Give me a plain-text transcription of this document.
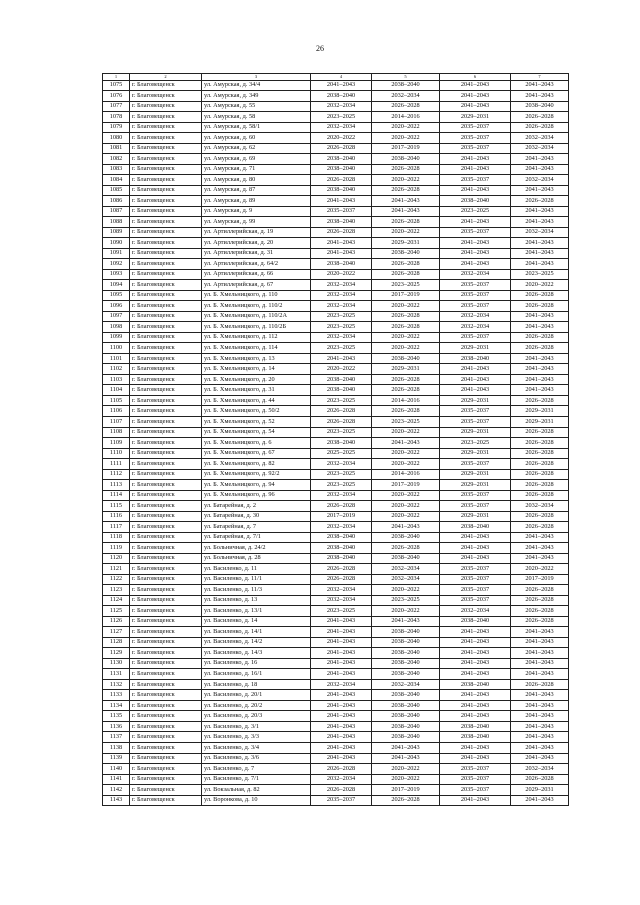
26
1	2	3	4	5	6	7
1075	г. Благовещенск	ул. Амурская, д. 34/4	2041–2043	2038–2040	2041–2043	2041–2043
1076	г. Благовещенск	ул. Амурская, д. 349	2038–2040	2032–2034	2041–2043	2041–2043
1077	г. Благовещенск	ул. Амурская, д. 55	2032–2034	2026–2028	2041–2043	2038–2040
1078	г. Благовещенск	ул. Амурская, д. 58	2023–2025	2014–2016	2029–2031	2026–2028
1079	г. Благовещенск	ул. Амурская, д. 58/1	2032–2034	2020–2022	2035–2037	2026–2028
1080	г. Благовещенск	ул. Амурская, д. 60	2020–2022	2020–2022	2035–2037	2032–2034
1081	г. Благовещенск	ул. Амурская, д. 62	2026–2028	2017–2019	2035–2037	2032–2034
1082	г. Благовещенск	ул. Амурская, д. 69	2038–2040	2038–2040	2041–2043	2041–2043
1083	г. Благовещенск	ул. Амурская, д. 71	2038–2040	2026–2028	2041–2043	2041–2043
1084	г. Благовещенск	ул. Амурская, д. 80	2026–2028	2020–2022	2035–2037	2032–2034
1085	г. Благовещенск	ул. Амурская, д. 87	2038–2040	2026–2028	2041–2043	2041–2043
1086	г. Благовещенск	ул. Амурская, д. 89	2041–2043	2041–2043	2038–2040	2026–2028
1087	г. Благовещенск	ул. Амурская, д. 9	2035–2037	2041–2043	2023–2025	2041–2043
1088	г. Благовещенск	ул. Амурская, д. 99	2038–2040	2026–2028	2041–2043	2041–2043
1089	г. Благовещенск	ул. Артиллерийская, д. 19	2026–2028	2020–2022	2035–2037	2032–2034
1090	г. Благовещенск	ул. Артиллерийская, д. 20	2041–2043	2029–2031	2041–2043	2041–2043
1091	г. Благовещенск	ул. Артиллерийская, д. 31	2041–2043	2038–2040	2041–2043	2041–2043
1092	г. Благовещенск	ул. Артиллерийская, д. 64/2	2038–2040	2026–2028	2041–2043	2041–2043
1093	г. Благовещенск	ул. Артиллерийская, д. 66	2020–2022	2026–2028	2032–2034	2023–2025
1094	г. Благовещенск	ул. Артиллерийская, д. 67	2032–2034	2023–2025	2035–2037	2020–2022
1095	г. Благовещенск	ул. Б. Хмельницкого, д. 110	2032–2034	2017–2019	2035–2037	2026–2028
1096	г. Благовещенск	ул. Б. Хмельницкого, д. 110/2	2032–2034	2020–2022	2035–2037	2026–2028
1097	г. Благовещенск	ул. Б. Хмельницкого, д. 110/2А	2023–2025	2026–2028	2032–2034	2041–2043
1098	г. Благовещенск	ул. Б. Хмельницкого, д. 110/2Б	2023–2025	2026–2028	2032–2034	2041–2043
1099	г. Благовещенск	ул. Б. Хмельницкого, д. 112	2032–2034	2020–2022	2035–2037	2026–2028
1100	г. Благовещенск	ул. Б. Хмельницкого, д. 114	2023–2025	2020–2022	2029–2031	2026–2028
1101	г. Благовещенск	ул. Б. Хмельницкого, д. 13	2041–2043	2038–2040	2038–2040	2041–2043
1102	г. Благовещенск	ул. Б. Хмельницкого, д. 14	2020–2022	2029–2031	2041–2043	2041–2043
1103	г. Благовещенск	ул. Б. Хмельницкого, д. 20	2038–2040	2026–2028	2041–2043	2041–2043
1104	г. Благовещенск	ул. Б. Хмельницкого, д. 31	2038–2040	2026–2028	2041–2043	2041–2043
1105	г. Благовещенск	ул. Б. Хмельницкого, д. 44	2023–2025	2014–2016	2029–2031	2026–2028
1106	г. Благовещенск	ул. Б. Хмельницкого, д. 50/2	2026–2028	2026–2028	2035–2037	2029–2031
1107	г. Благовещенск	ул. Б. Хмельницкого, д. 52	2026–2028	2023–2025	2035–2037	2029–2031
1108	г. Благовещенск	ул. Б. Хмельницкого, д. 54	2023–2025	2020–2022	2029–2031	2026–2028
1109	г. Благовещенск	ул. Б. Хмельницкого, д. 6	2038–2040	2041–2043	2023–2025	2026–2028
1110	г. Благовещенск	ул. Б. Хмельницкого, д. 67	2025–2025	2020–2022	2029–2031	2026–2028
1111	г. Благовещенск	ул. Б. Хмельницкого, д. 82	2032–2034	2020–2022	2035–2037	2026–2028
1112	г. Благовещенск	ул. Б. Хмельницкого, д. 92/2	2023–2025	2014–2016	2029–2031	2026–2028
1113	г. Благовещенск	ул. Б. Хмельницкого, д. 94	2023–2025	2017–2019	2029–2031	2026–2028
1114	г. Благовещенск	ул. Б. Хмельницкого, д. 96	2032–2034	2020–2022	2035–2037	2026–2028
1115	г. Благовещенск	ул. Батарейная, д. 2	2026–2028	2020–2022	2035–2037	2032–2034
1116	г. Благовещенск	ул. Батарейная, д. 30	2017–2019	2020–2022	2029–2031	2026–2028
1117	г. Благовещенск	ул. Батарейная, д. 7	2032–2034	2041–2043	2038–2040	2026–2028
1118	г. Благовещенск	ул. Батарейная, д. 7/1	2038–2040	2038–2040	2041–2043	2041–2043
1119	г. Благовещенск	ул. Больничная, д. 24/2	2038–2040	2026–2028	2041–2043	2041–2043
1120	г. Благовещенск	ул. Больничная, д. 28	2038–2040	2038–2040	2041–2043	2041–2043
1121	г. Благовещенск	ул. Василенко, д. 11	2026–2028	2032–2034	2035–2037	2020–2022
1122	г. Благовещенск	ул. Василенко, д. 11/1	2026–2028	2032–2034	2035–2037	2017–2019
1123	г. Благовещенск	ул. Василенко, д. 11/3	2032–2034	2020–2022	2035–2037	2026–2028
1124	г. Благовещенск	ул. Василенко, д. 13	2032–2034	2023–2025	2035–2037	2026–2028
1125	г. Благовещенск	ул. Василенко, д. 13/1	2023–2025	2020–2022	2032–2034	2026–2028
1126	г. Благовещенск	ул. Василенко, д. 14	2041–2043	2041–2043	2038–2040	2026–2028
1127	г. Благовещенск	ул. Василенко, д. 14/1	2041–2043	2038–2040	2041–2043	2041–2043
1128	г. Благовещенск	ул. Василенко, д. 14/2	2041–2043	2038–2040	2041–2043	2041–2043
1129	г. Благовещенск	ул. Василенко, д. 14/3	2041–2043	2038–2040	2041–2043	2041–2043
1130	г. Благовещенск	ул. Василенко, д. 16	2041–2043	2038–2040	2041–2043	2041–2043
1131	г. Благовещенск	ул. Василенко, д. 16/1	2041–2043	2038–2040	2041–2043	2041–2043
1132	г. Благовещенск	ул. Василенко, д. 18	2032–2034	2032–2034	2038–2040	2026–2028
1133	г. Благовещенск	ул. Василенко, д. 20/1	2041–2043	2038–2040	2041–2043	2041–2043
1134	г. Благовещенск	ул. Василенко, д. 20/2	2041–2043	2038–2040	2041–2043	2041–2043
1135	г. Благовещенск	ул. Василенко, д. 20/3	2041–2043	2038–2040	2041–2043	2041–2043
1136	г. Благовещенск	ул. Василенко, д. 3/1	2041–2043	2038–2040	2038–2040	2041–2043
1137	г. Благовещенск	ул. Василенко, д. 3/3	2041–2043	2038–2040	2038–2040	2041–2043
1138	г. Благовещенск	ул. Василенко, д. 3/4	2041–2043	2041–2043	2041–2043	2041–2043
1139	г. Благовещенск	ул. Василенко, д. 3/6	2041–2043	2041–2043	2041–2043	2041–2043
1140	г. Благовещенск	ул. Василенко, д. 7	2026–2028	2020–2022	2035–2037	2032–2034
1141	г. Благовещенск	ул. Василенко, д. 7/1	2032–2034	2020–2022	2035–2037	2026–2028
1142	г. Благовещенск	ул. Вокзальная, д. 82	2026–2028	2017–2019	2035–2037	2029–2031
1143	г. Благовещенск	ул. Воронкова, д. 10	2035–2037	2026–2028	2041–2043	2041–2043
